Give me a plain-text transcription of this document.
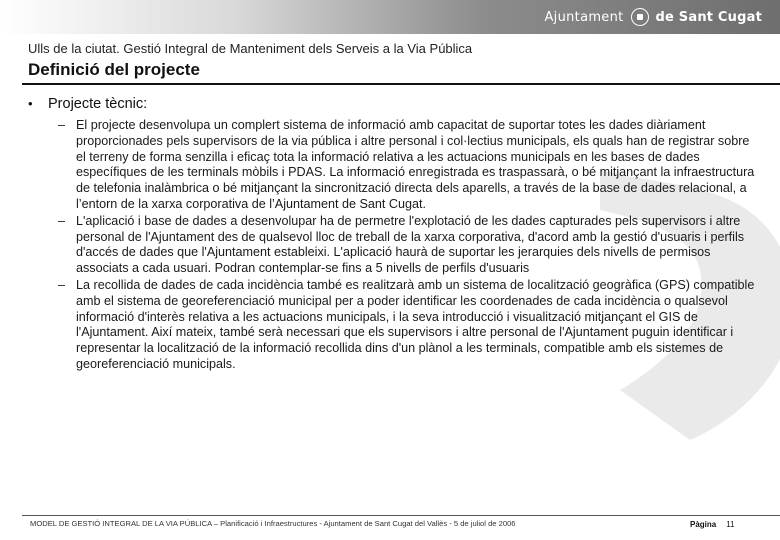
Ajuntament de Sant Cugat
Ulls de la ciutat. Gestió Integral de Manteniment dels Serveis a la Via Pública
Definició del projecte
•	Projecte tècnic:
– El projecte desenvolupa un complert sistema de informació amb capacitat de suportar totes les dades diàriament proporcionades pels supervisors de la via pública i altre personal i col·lectius municipals, els quals han de registrar sobre el terreny de forma senzilla i eficaç tota la informació relativa a les actuacions municipals en les bases de dades específiques de les terminals mòbils i PDAS. La informació enregistrada es traspassarà, o bé mitjançant la infraestructura de telefonia inalàmbrica o bé mitjançant la sincronització directa dels aparells, a través de la base de dades relacional, a l’entorn de la xarxa corporativa de l’Ajuntament de Sant Cugat.
– L'aplicació i base de dades a desenvolupar ha de permetre l'explotació de les dades capturades pels supervisors i altre personal de l'Ajuntament des de qualsevol lloc de treball de la xarxa corporativa, d'acord amb la gestió d'usuaris i perfils d'accés de dades que l'Ajuntament estableixi. L'aplicació haurà de suportar les jerarquies dels nivells de permisos associats a cada usuari. Podran contemplar-se fins a 5 nivells de perfils d'usuaris
– La recollida de dades de cada incidència també es realitzarà amb un sistema de localització geogràfica (GPS) compatible amb el sistema de georeferenciació municipal per a poder identificar les coordenades de cada incidència o qualsevol informació d'interès relativa a les actuacions municipals, i la seva introducció i visualització mitjançant el GIS de l'Ajuntament. Així mateix, també serà necessari que els supervisors i altre personal de l'Ajuntament puguin identificar i representar la localització de la informació recollida dins d'un plànol a les terminals, compatible amb els sistemes de georeferenciació municipals.
MODEL DE GESTIÓ INTEGRAL DE LA VIA PÚBLICA – Planificació i Infraestructures - Ajuntament de Sant Cugat del Vallès - 5 de juliol de 2006	Pàgina 11
